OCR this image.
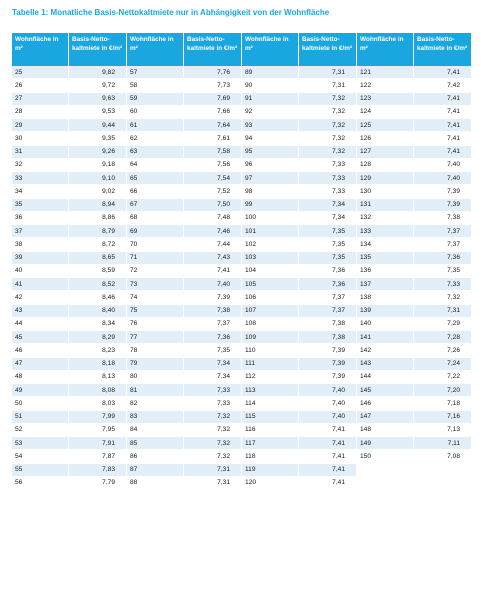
Tabelle 1: Monatliche Basis-Nettokaltmiete nur in Abhängigkeit von der Wohnfläche
Wohnfläche in m²	Basis-Netto-kaltmiete in €/m²	Wohnfläche in m²	Basis-Netto-kaltmiete in €/m²	Wohnfläche in m²	Basis-Netto-kaltmiete in €/m²	Wohnfläche in m²	Basis-Netto-kaltmiete in €/m²
25	9,82	57	7,76	89	7,31	121	7,41
26	9,72	58	7,73	90	7,31	122	7,42
27	9,63	59	7,69	91	7,32	123	7,41
28	9,53	60	7,66	92	7,32	124	7,41
29	9,44	61	7,64	93	7,32	125	7,41
30	9,35	62	7,61	94	7,32	126	7,41
31	9,26	63	7,58	95	7,32	127	7,41
32	9,18	64	7,56	96	7,33	128	7,40
33	9,10	65	7,54	97	7,33	129	7,40
34	9,02	66	7,52	98	7,33	130	7,39
35	8,94	67	7,50	99	7,34	131	7,39
36	8,86	68	7,48	100	7,34	132	7,38
37	8,79	69	7,46	101	7,35	133	7,37
38	8,72	70	7,44	102	7,35	134	7,37
39	8,65	71	7,43	103	7,35	135	7,36
40	8,59	72	7,41	104	7,36	136	7,35
41	8,52	73	7,40	105	7,36	137	7,33
42	8,46	74	7,39	106	7,37	138	7,32
43	8,40	75	7,38	107	7,37	139	7,31
44	8,34	76	7,37	108	7,38	140	7,29
45	8,29	77	7,36	109	7,38	141	7,28
46	8,23	78	7,35	110	7,39	142	7,26
47	8,18	79	7,34	111	7,39	143	7,24
48	8,13	80	7,34	112	7,39	144	7,22
49	8,08	81	7,33	113	7,40	145	7,20
50	8,03	82	7,33	114	7,40	146	7,18
51	7,99	83	7,32	115	7,40	147	7,16
52	7,95	84	7,32	116	7,41	148	7,13
53	7,91	85	7,32	117	7,41	149	7,11
54	7,87	86	7,32	118	7,41	150	7,08
55	7,83	87	7,31	119	7,41		
56	7,79	88	7,31	120	7,41		
